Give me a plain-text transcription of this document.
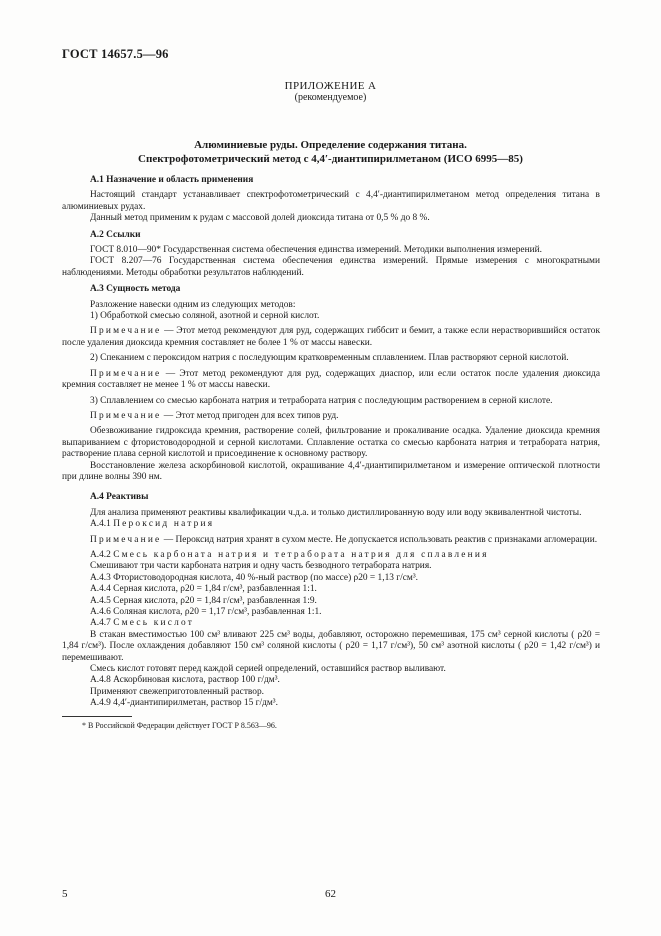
ГОСТ 14657.5—96
ПРИЛОЖЕНИЕ А
(рекомендуемое)
Алюминиевые руды. Определение содержания титана.
Спектрофотометрический метод с 4,4′-диантипирилметаном (ИСО 6995—85)

А.1 Назначение и область применения

Настоящий стандарт устанавливает спектрофотометрический с 4,4′-диантипирилметаном метод определения титана в алюминиевых рудах.

Данный метод применим к рудам с массовой долей диоксида титана от 0,5 % до 8 %.

А.2 Ссылки

ГОСТ 8.010—90* Государственная система обеспечения единства измерений. Методики выполнения измерений.

ГОСТ 8.207—76 Государственная система обеспечения единства измерений. Прямые измерения с многократными наблюдениями. Методы обработки результатов наблюдений.

А.3 Сущность метода

Разложение навески одним из следующих методов:

1) Обработкой смесью соляной, азотной и серной кислот.

Примечание — Этот метод рекомендуют для руд, содержащих гиббсит и бемит, а также если нерастворившийся остаток после удаления диоксида кремния составляет не более 1 % от массы навески.

2) Спеканием с пероксидом натрия с последующим кратковременным сплавлением. Плав растворяют серной кислотой.

Примечание — Этот метод рекомендуют для руд, содержащих диаспор, или если остаток после удаления диоксида кремния составляет не менее 1 % от массы навески.

3) Сплавлением со смесью карбоната натрия и тетрабората натрия с последующим растворением в серной кислоте.

Примечание — Этот метод пригоден для всех типов руд.

Обезвоживание гидроксида кремния, растворение солей, фильтрование и прокаливание осадка. Удаление диоксида кремния выпариванием с фтористоводородной и серной кислотами. Сплавление остатка со смесью карбоната натрия и тетрабората натрия, растворение плава серной кислотой и присоединение к основному раствору.

Восстановление железа аскорбиновой кислотой, окрашивание 4,4′-диантипирилметаном и измерение оптической плотности при длине волны 390 нм.

А.4 Реактивы

Для анализа применяют реактивы квалификации ч.д.а. и только дистиллированную воду или воду эквивалентной чистоты.

А.4.1 Пероксид натрия

Примечание — Пероксид натрия хранят в сухом месте. Не допускается использовать реактив с признаками агломерации.

А.4.2 Смесь карбоната натрия и тетрабората натрия для сплавления

Смешивают три части карбоната натрия и одну часть безводного тетрабората натрия.

А.4.3 Фтористоводородная кислота, 40 %-ный раствор (по массе) ρ20 = 1,13 г/см³.

А.4.4 Серная кислота, ρ20 = 1,84 г/см³, разбавленная 1:1.

А.4.5 Серная кислота, ρ20 = 1,84 г/см³, разбавленная 1:9.

А.4.6 Соляная кислота, ρ20 = 1,17 г/см³, разбавленная 1:1.

А.4.7 Смесь кислот

В стакан вместимостью 100 см³ вливают 225 см³ воды, добавляют, осторожно перемешивая, 175 см³ серной кислоты ( ρ20 = 1,84 г/см³). После охлаждения добавляют 150 см³ соляной кислоты ( ρ20 = 1,17 г/см³), 50 см³ азотной кислоты ( ρ20 = 1,42 г/см³) и перемешивают.

Смесь кислот готовят перед каждой серией определений, оставшийся раствор выливают.

А.4.8 Аскорбиновая кислота, раствор 100 г/дм³.

Применяют свежеприготовленный раствор.

А.4.9 4,4′-диантипирилметан, раствор 15 г/дм³.

* В Российской Федерации действует ГОСТ Р 8.563—96.

5	62
